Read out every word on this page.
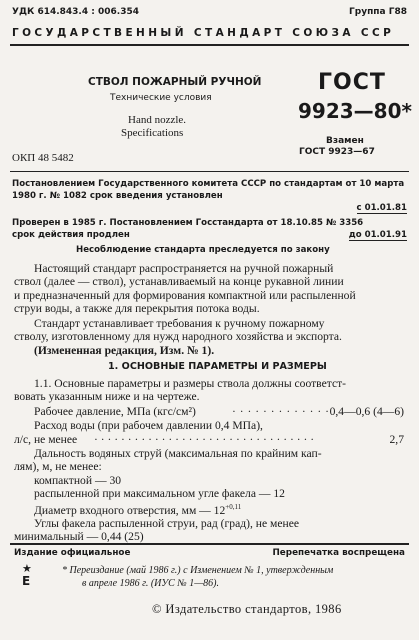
УДК 614.843.4 : 006.354	Группа Г88
ГОСУДАРСТВЕННЫЙ СТАНДАРТ СОЮЗА ССР
СТВОЛ ПОЖАРНЫЙ РУЧНОЙ
Технические условия
Hand nozzle.
Specifications
ГОСТ
9923—80*
Взамен
ГОСТ 9923—67
ОКП 48 5482
Постановлением Государственного комитета СССР по стандартам от 10 марта
1980 г. № 1082 срок введения установлен
с 01.01.81
Проверен в 1985 г. Постановлением Госстандарта от 18.10.85 № 3356
срок действия продлен	до 01.01.91
Несоблюдение стандарта преследуется по закону
Настоящий стандарт распространяется на ручной пожарный
ствол (далее — ствол), устанавливаемый на конце рукавной линии
и предназначенный для формирования компактной или распыленной
струи воды, а также для перекрытия потока воды.
Стандарт устанавливает требования к ручному пожарному
стволу, изготовленному для нужд народного хозяйства и экспорта.
(Измененная редакция, Изм. № 1).
1. ОСНОВНЫЕ ПАРАМЕТРЫ И РАЗМЕРЫ
1.1. Основные параметры и размеры ствола должны соответст-
вовать указанным ниже и на чертеже.
Рабочее давление, МПа (кгс/см²)	· · · · · · · · · · · · · 0,4—0,6 (4—6)
Расход воды (при рабочем давлении 0,4 МПа),
л/с, не менее · · · · · · · · · · · · · · · · · · · · · · · · · · · · · · · · ·	2,7
Дальность водяных струй (максимальная по крайним кап-
лям), м, не менее:
компактной — 30
распыленной при максимальном угле факела — 12
Диаметр входного отверстия, мм — $12^{+0,11}$
Углы факела распыленной струи, рад (град), не менее
минимальный — 0,44 (25)
Издание официальное	Перепечатка воспрещена
★
Е
* Переиздание (май 1986 г.) с Изменением № 1, утвержденным
в апреле 1986 г. (ИУС № 1—86).
© Издательство стандартов, 1986
